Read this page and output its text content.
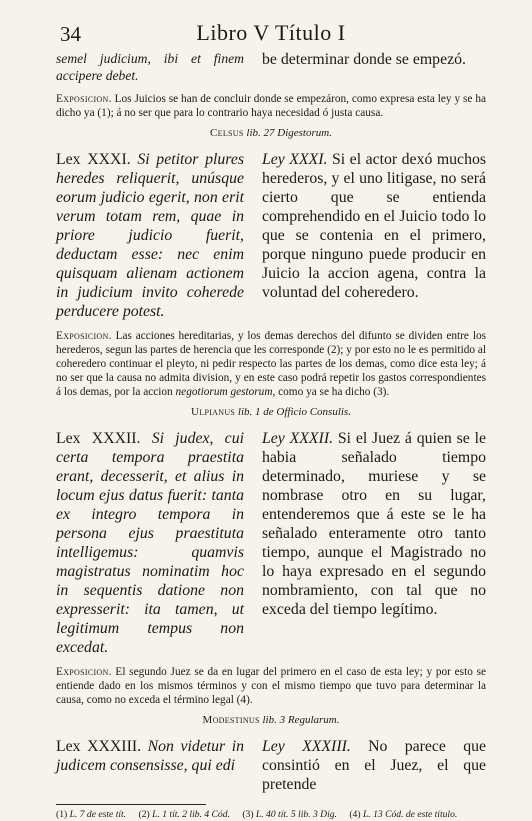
34	Libro V Título I
semel judicium, ibi et finem accipere debet.
be determinar donde se empezó.
Exposicion. Los Juicios se han de concluir donde se empezáron, como expresa esta ley y se ha dicho ya (1); á no ser que para lo contrario haya necesidad ó justa causa.
Celsus lib. 27 Digestorum.
Lex XXXI. Si petitor plures heredes reliquerit, unúsque eorum judicio egerit, non erit verum totam rem, quae in priore judicio fuerit, deductam esse: nec enim quisquam alienam actionem in judicium invito coherede perducere potest.
Ley XXXI. Si el actor dexó muchos herederos, y el uno litigase, no será cierto que se entienda comprehendido en el Juicio todo lo que se contenia en el primero, porque ninguno puede producir en Juicio la accion agena, contra la voluntad del coheredero.
Exposicion. Las acciones hereditarias, y los demas derechos del difunto se dividen entre los herederos, segun las partes de herencia que les corresponde (2); y por esto no le es permitido al coheredero continuar el pleyto, ni pedir respecto las partes de los demas, como dice esta ley; á no ser que la causa no admita division, y en este caso podrá repetir los gastos correspondientes á los demas, por la accion negotiorum gestorum, como ya se ha dicho (3).
Ulpianus lib. 1 de Officio Consulis.
Lex XXXII. Si judex, cui certa tempora praestita erant, decesserit, et alius in locum ejus datus fuerit: tanta ex integro tempora in persona ejus praestituta intelligemus: quamvis magistratus nominatim hoc in sequentis datione non expresserit: ita tamen, ut legitimum tempus non excedat.
Ley XXXII. Si el Juez á quien se le habia señalado tiempo determinado, muriese y se nombrase otro en su lugar, entenderemos que á este se le ha señalado enteramente otro tanto tiempo, aunque el Magistrado no lo haya expresado en el segundo nombramiento, con tal que no exceda del tiempo legítimo.
Exposicion. El segundo Juez se da en lugar del primero en el caso de esta ley; y por esto se entiende dado en los mismos términos y con el mismo tiempo que tuvo para determinar la causa, como no exceda el término legal (4).
Modestinus lib. 3 Regularum.
Lex XXXIII. Non videtur in judicem consensisse, qui edi
Ley XXXIII. No parece que consintió en el Juez, el que pretende
(1) L. 7 de este tít. (2) L. 1 tít. 2 lib. 4 Cód. (3) L. 40 tít. 5 lib. 3 Dig. (4) L. 13 Cód. de este título.
